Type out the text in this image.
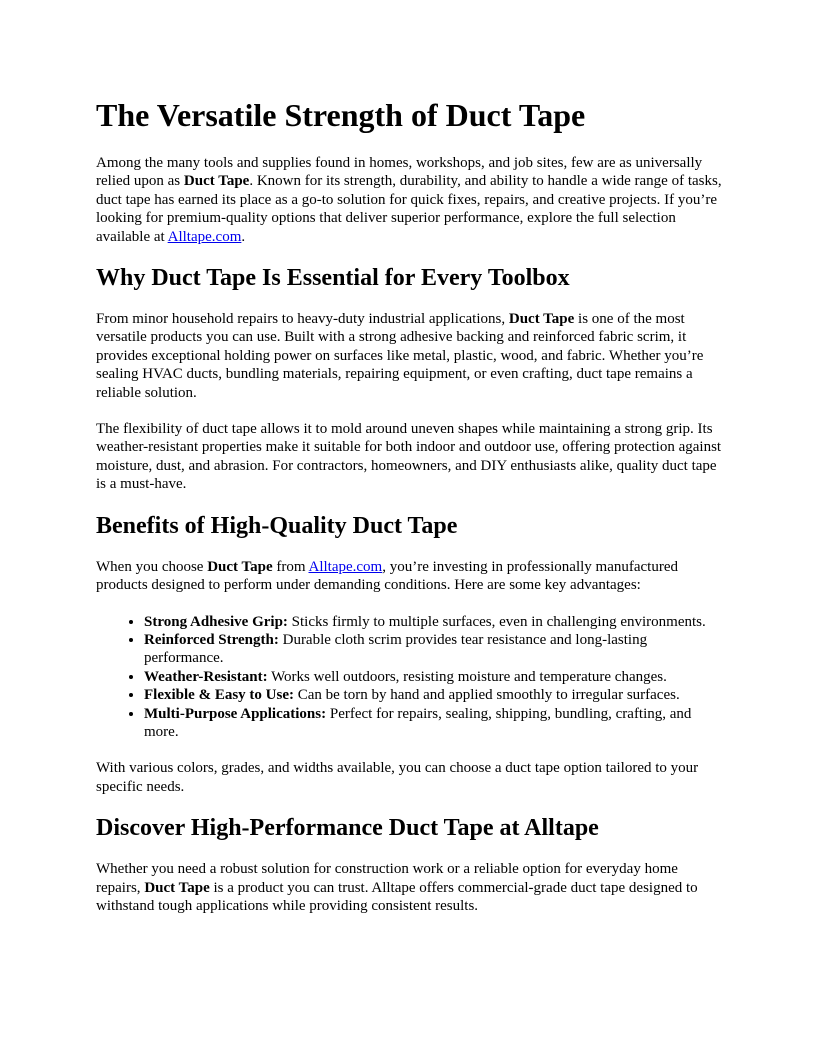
The Versatile Strength of Duct Tape

Among the many tools and supplies found in homes, workshops, and job sites, few are as universally relied upon as Duct Tape. Known for its strength, durability, and ability to handle a wide range of tasks, duct tape has earned its place as a go-to solution for quick fixes, repairs, and creative projects. If you’re looking for premium-quality options that deliver superior performance, explore the full selection available at Alltape.com.

Why Duct Tape Is Essential for Every Toolbox

From minor household repairs to heavy-duty industrial applications, Duct Tape is one of the most versatile products you can use. Built with a strong adhesive backing and reinforced fabric scrim, it provides exceptional holding power on surfaces like metal, plastic, wood, and fabric. Whether you’re sealing HVAC ducts, bundling materials, repairing equipment, or even crafting, duct tape remains a reliable solution.

The flexibility of duct tape allows it to mold around uneven shapes while maintaining a strong grip. Its weather-resistant properties make it suitable for both indoor and outdoor use, offering protection against moisture, dust, and abrasion. For contractors, homeowners, and DIY enthusiasts alike, quality duct tape is a must-have.

Benefits of High-Quality Duct Tape

When you choose Duct Tape from Alltape.com, you’re investing in professionally manufactured products designed to perform under demanding conditions. Here are some key advantages:

• Strong Adhesive Grip: Sticks firmly to multiple surfaces, even in challenging environments.
• Reinforced Strength: Durable cloth scrim provides tear resistance and long-lasting performance.
• Weather-Resistant: Works well outdoors, resisting moisture and temperature changes.
• Flexible & Easy to Use: Can be torn by hand and applied smoothly to irregular surfaces.
• Multi-Purpose Applications: Perfect for repairs, sealing, shipping, bundling, crafting, and more.

With various colors, grades, and widths available, you can choose a duct tape option tailored to your specific needs.

Discover High-Performance Duct Tape at Alltape

Whether you need a robust solution for construction work or a reliable option for everyday home repairs, Duct Tape is a product you can trust. Alltape offers commercial-grade duct tape designed to withstand tough applications while providing consistent results.
